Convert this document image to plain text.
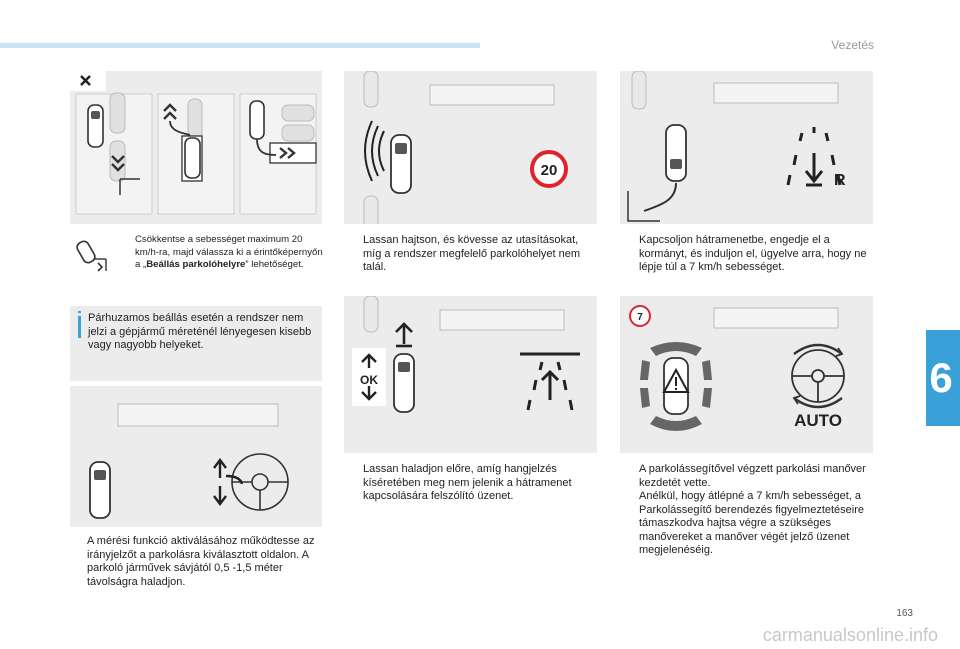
Vezetés
6
163
carmanualsonline.info
20
R
Csökkentse a sebességet maximum 20 km/h-ra, majd válassza ki a érintőképernyőn a „Beállás parkolóhelyre” lehetőséget.
Párhuzamos beállás esetén a rendszer nem jelzi a gépjármű méreténél lényegesen kisebb vagy nagyobb helyeket.
Lassan hajtson, és kövesse az utasításokat, míg a rendszer megfelelő parkolóhelyet nem talál.
Kapcsoljon hátramenetbe, engedje el a kormányt, és induljon el, ügyelve arra, hogy ne lépje túl a 7 km/h sebességet.
OK
7
AUTO
A mérési funkció aktiválásához működtesse az irányjelzőt a parkolásra kiválasztott oldalon. A parkoló járművek sávjától 0,5 -1,5 méter távolságra haladjon.
Lassan haladjon előre, amíg hangjelzés kíséretében meg nem jelenik a hátramenet kapcsolására felszólító üzenet.
A parkolássegítővel végzett parkolási manőver kezdetét vette.
Anélkül, hogy átlépné a 7 km/h sebességet, a Parkolássegítő berendezés figyelmeztetéseire támaszkodva hajtsa végre a szükséges manővereket a manőver végét jelző üzenet megjelenéséig.
